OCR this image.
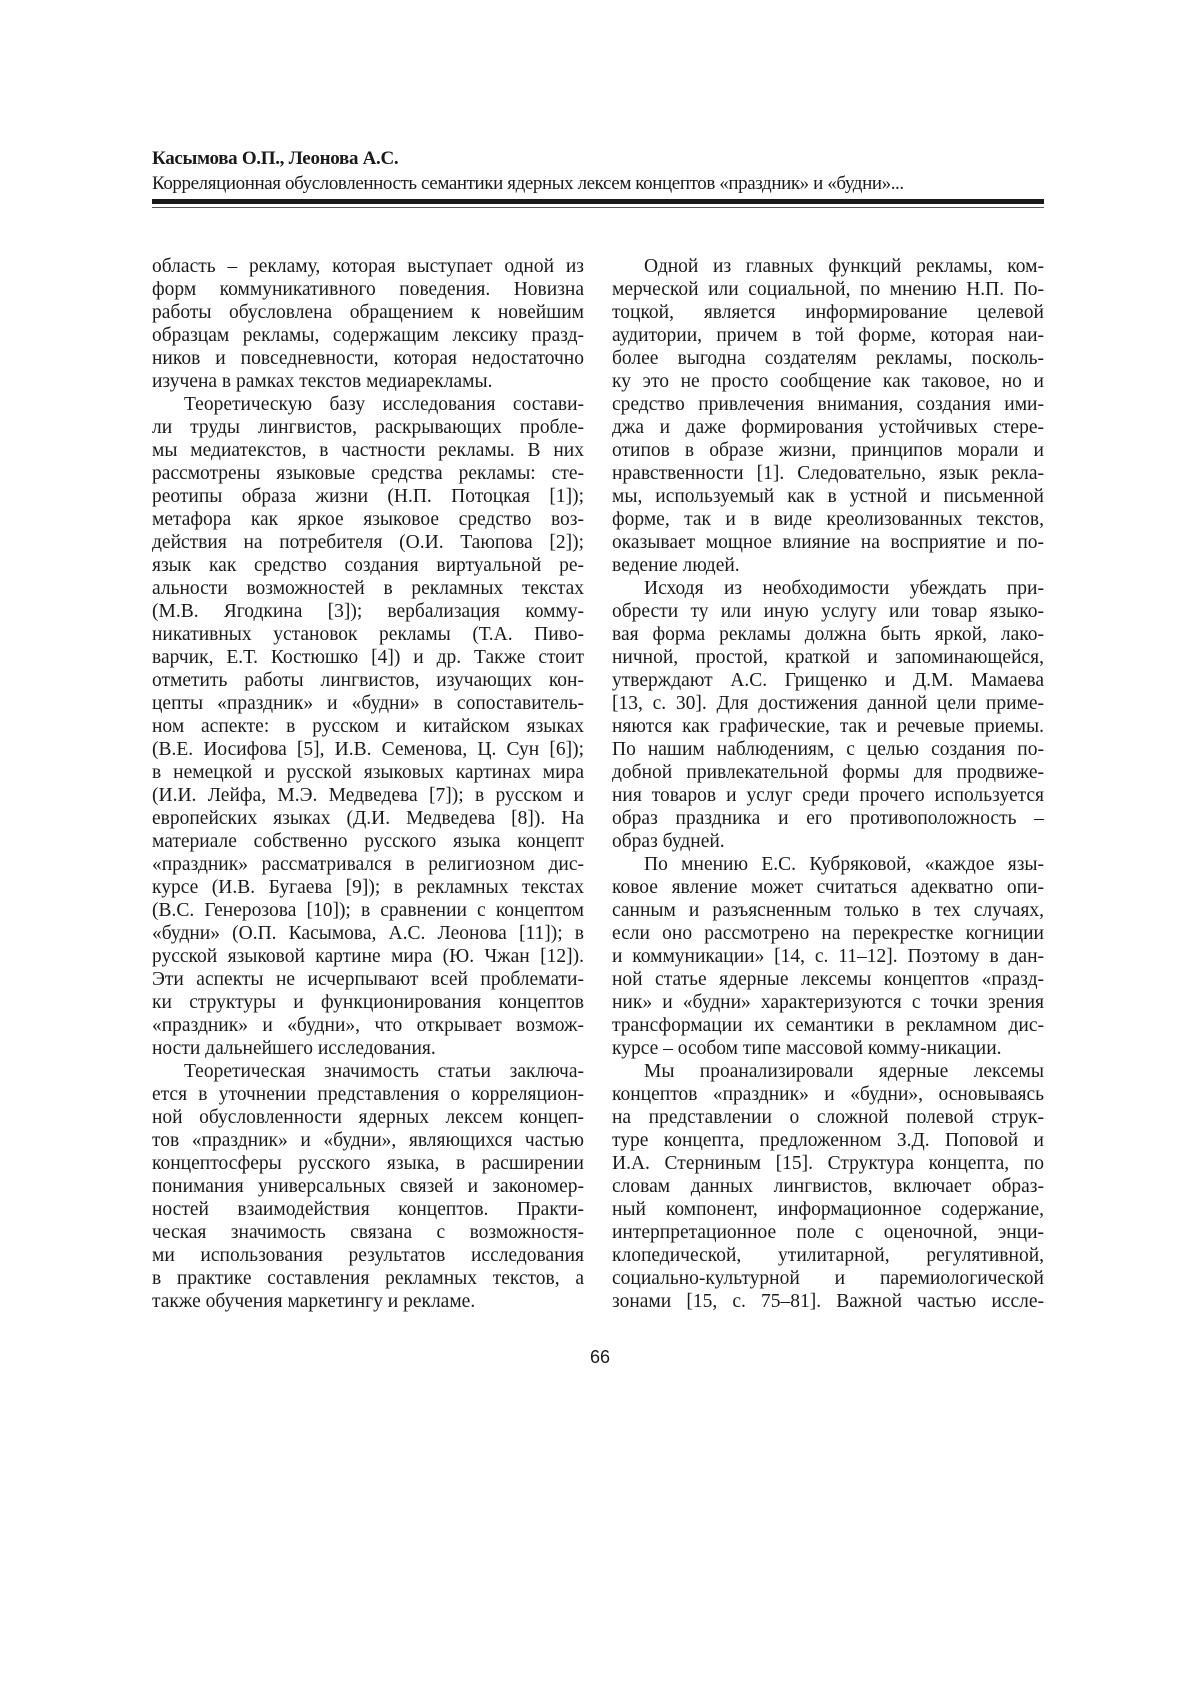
Касымова О.П., Леонова А.С.
Корреляционная обусловленность семантики ядерных лексем концептов «праздник» и «будни»...
область – рекламу, которая выступает одной из
форм коммуникативного поведения. Новизна
работы обусловлена обращением к новейшим
образцам рекламы, содержащим лексику празд-
ников и повседневности, которая недостаточно
изучена в рамках текстов медиарекламы.
Теоретическую базу исследования состави-
ли труды лингвистов, раскрывающих пробле-
мы медиатекстов, в частности рекламы. В них
рассмотрены языковые средства рекламы: сте-
реотипы образа жизни (Н.П. Потоцкая [1]);
метафора как яркое языковое средство воз-
действия на потребителя (О.И. Таюпова [2]);
язык как средство создания виртуальной ре-
альности возможностей в рекламных текстах
(М.В. Ягодкина [3]); вербализация комму-
никативных установок рекламы (Т.А. Пиво-
варчик, Е.Т. Костюшко [4]) и др. Также стоит
отметить работы лингвистов, изучающих кон-
цепты «праздник» и «будни» в сопоставитель-
ном аспекте: в русском и китайском языках
(В.Е. Иосифова [5], И.В. Семенова, Ц. Сун [6]);
в немецкой и русской языковых картинах мира
(И.И. Лейфа, М.Э. Медведева [7]); в русском и
европейских языках (Д.И. Медведева [8]). На
материале собственно русского языка концепт
«праздник» рассматривался в религиозном дис-
курсе (И.В. Бугаева [9]); в рекламных текстах
(В.С. Генерозова [10]); в сравнении с концептом
«будни» (О.П. Касымова, А.С. Леонова [11]); в
русской языковой картине мира (Ю. Чжан [12]).
Эти аспекты не исчерпывают всей проблемати-
ки структуры и функционирования концептов
«праздник» и «будни», что открывает возмож-
ности дальнейшего исследования.
Теоретическая значимость статьи заключа-
ется в уточнении представления о корреляцион-
ной обусловленности ядерных лексем концеп-
тов «праздник» и «будни», являющихся частью
концептосферы русского языка, в расширении
понимания универсальных связей и закономер-
ностей взаимодействия концептов. Практи-
ческая значимость связана с возможностя-
ми использования результатов исследования
в практике составления рекламных текстов, а
также обучения маркетингу и рекламе.
Одной из главных функций рекламы, ком-
мерческой или социальной, по мнению Н.П. По-
тоцкой, является информирование целевой
аудитории, причем в той форме, которая наи-
более выгодна создателям рекламы, посколь-
ку это не просто сообщение как таковое, но и
средство привлечения внимания, создания ими-
джа и даже формирования устойчивых стере-
отипов в образе жизни, принципов морали и
нравственности [1]. Следовательно, язык рекла-
мы, используемый как в устной и письменной
форме, так и в виде креолизованных текстов,
оказывает мощное влияние на восприятие и по-
ведение людей.
Исходя из необходимости убеждать при-
обрести ту или иную услугу или товар языко-
вая форма рекламы должна быть яркой, лако-
ничной, простой, краткой и запоминающейся,
утверждают А.С. Грищенко и Д.М. Мамаева
[13, с. 30]. Для достижения данной цели приме-
няются как графические, так и речевые приемы.
По нашим наблюдениям, с целью создания по-
добной привлекательной формы для продвиже-
ния товаров и услуг среди прочего используется
образ праздника и его противоположность –
образ будней.
По мнению Е.С. Кубряковой, «каждое язы-
ковое явление может считаться адекватно опи-
санным и разъясненным только в тех случаях,
если оно рассмотрено на перекрестке когниции
и коммуникации» [14, с. 11–12]. Поэтому в дан-
ной статье ядерные лексемы концептов «празд-
ник» и «будни» характеризуются с точки зрения
трансформации их семантики в рекламном дис-
курсе – особом типе массовой комму-никации.
Мы проанализировали ядерные лексемы
концептов «праздник» и «будни», основываясь
на представлении о сложной полевой струк-
туре концепта, предложенном З.Д. Поповой и
И.А. Стерниным [15]. Структура концепта, по
словам данных лингвистов, включает образ-
ный компонент, информационное содержание,
интерпретационное поле с оценочной, энци-
клопедической, утилитарной, регулятивной,
социально-культурной и паремиологической
зонами [15, с. 75–81]. Важной частью иссле-
66
